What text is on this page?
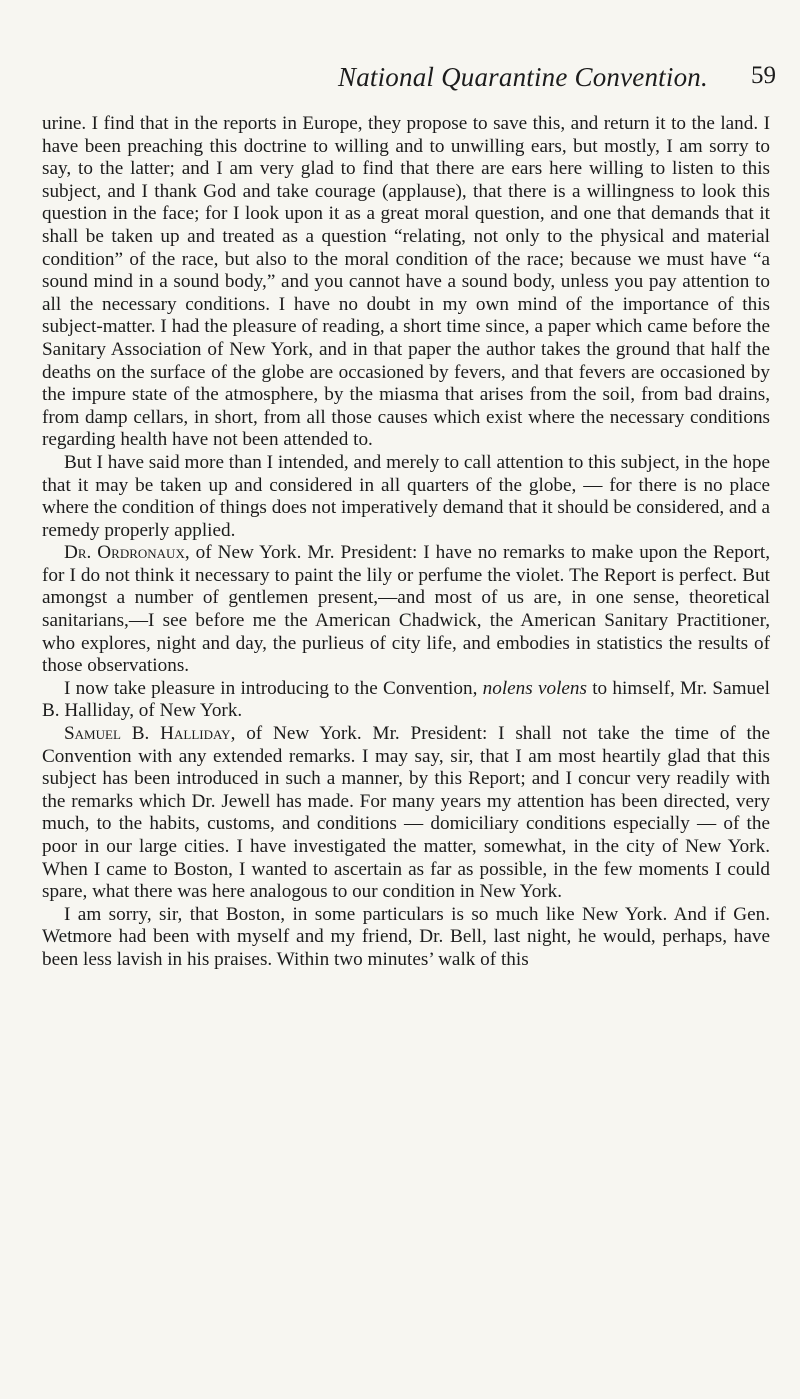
National Quarantine Convention. 59

urine. I find that in the reports in Europe, they propose to save this, and return it to the land. I have been preaching this doctrine to willing and to unwilling ears, but mostly, I am sorry to say, to the latter; and I am very glad to find that there are ears here willing to listen to this subject, and I thank God and take courage (applause), that there is a willingness to look this question in the face; for I look upon it as a great moral question, and one that demands that it shall be taken up and treated as a question “relating, not only to the physical and material condition” of the race, but also to the moral condition of the race; because we must have “a sound mind in a sound body,” and you cannot have a sound body, unless you pay attention to all the necessary conditions. I have no doubt in my own mind of the importance of this subject-matter. I had the pleasure of reading, a short time since, a paper which came before the Sanitary Association of New York, and in that paper the author takes the ground that half the deaths on the surface of the globe are occasioned by fevers, and that fevers are occasioned by the impure state of the atmosphere, by the miasma that arises from the soil, from bad drains, from damp cellars, in short, from all those causes which exist where the necessary conditions regarding health have not been attended to.

But I have said more than I intended, and merely to call attention to this subject, in the hope that it may be taken up and considered in all quarters of the globe, — for there is no place where the condition of things does not imperatively demand that it should be considered, and a remedy properly applied.

Dr. Ordronaux, of New York. Mr. President: I have no remarks to make upon the Report, for I do not think it necessary to paint the lily or perfume the violet. The Report is perfect. But amongst a number of gentlemen present,—and most of us are, in one sense, theoretical sanitarians,—I see before me the American Chadwick, the American Sanitary Practitioner, who explores, night and day, the purlieus of city life, and embodies in statistics the results of those observations.

I now take pleasure in introducing to the Convention, nolens volens to himself, Mr. Samuel B. Halliday, of New York.

Samuel B. Halliday, of New York. Mr. President: I shall not take the time of the Convention with any extended remarks. I may say, sir, that I am most heartily glad that this subject has been introduced in such a manner, by this Report; and I concur very readily with the remarks which Dr. Jewell has made. For many years my attention has been directed, very much, to the habits, customs, and conditions — domiciliary conditions especially — of the poor in our large cities. I have investigated the matter, somewhat, in the city of New York. When I came to Boston, I wanted to ascertain as far as possible, in the few moments I could spare, what there was here analogous to our condition in New York.

I am sorry, sir, that Boston, in some particulars is so much like New York. And if Gen. Wetmore had been with myself and my friend, Dr. Bell, last night, he would, perhaps, have been less lavish in his praises. Within two minutes’ walk of this
